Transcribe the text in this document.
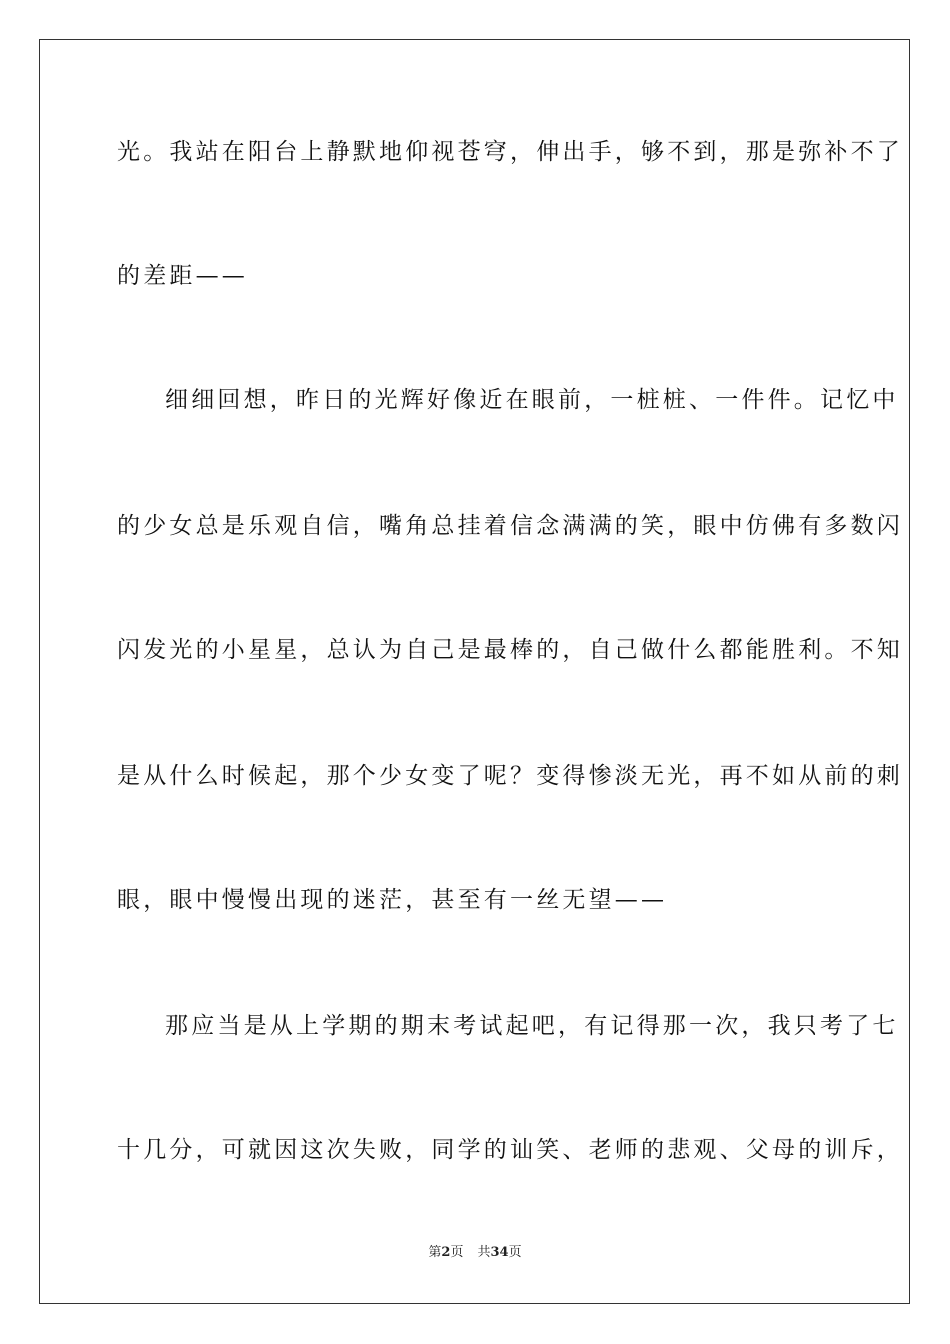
光。我站在阳台上静默地仰视苍穹，伸出手，够不到，那是弥补不了
的差距——
细细回想，昨日的光辉好像近在眼前，一桩桩、一件件。记忆中
的少女总是乐观自信，嘴角总挂着信念满满的笑，眼中仿佛有多数闪
闪发光的小星星，总认为自己是最棒的，自己做什么都能胜利。不知
是从什么时候起，那个少女变了呢？变得惨淡无光，再不如从前的刺
眼，眼中慢慢出现的迷茫，甚至有一丝无望——
那应当是从上学期的期末考试起吧，有记得那一次，我只考了七
十几分，可就因这次失败，同学的讪笑、老师的悲观、父母的训斥，
第2页 共34页
